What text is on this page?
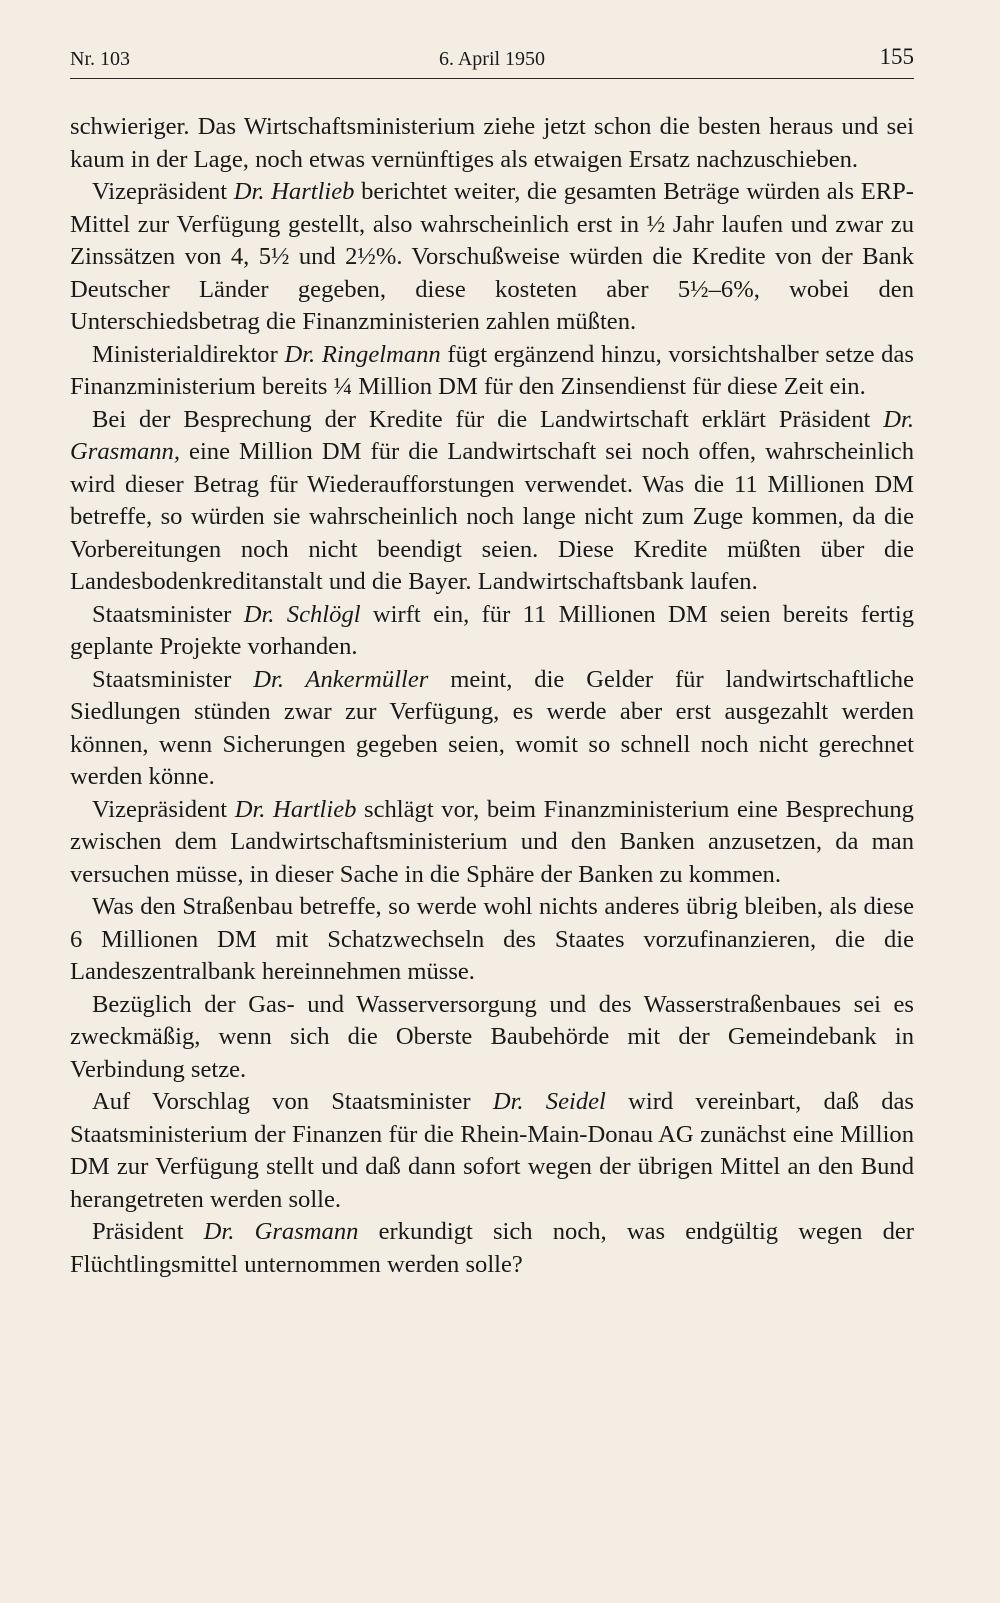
Nr. 103	6. April 1950	155

schwieriger. Das Wirtschaftsministerium ziehe jetzt schon die besten heraus und sei kaum in der Lage, noch etwas vernünftiges als etwaigen Ersatz nachzuschieben.

Vizepräsident Dr. Hartlieb berichtet weiter, die gesamten Beträge würden als ERP-Mittel zur Verfügung gestellt, also wahrscheinlich erst in ½ Jahr laufen und zwar zu Zinssätzen von 4, 5½ und 2½%. Vorschußweise würden die Kredite von der Bank Deutscher Länder gegeben, diese kosteten aber 5½–6%, wobei den Unterschiedsbetrag die Finanzministerien zahlen müßten.

Ministerialdirektor Dr. Ringelmann fügt ergänzend hinzu, vorsichtshalber setze das Finanzministerium bereits ¼ Million DM für den Zinsendienst für diese Zeit ein.

Bei der Besprechung der Kredite für die Landwirtschaft erklärt Präsident Dr. Grasmann, eine Million DM für die Landwirtschaft sei noch offen, wahrscheinlich wird dieser Betrag für Wiederaufforstungen verwendet. Was die 11 Millionen DM betreffe, so würden sie wahrscheinlich noch lange nicht zum Zuge kommen, da die Vorbereitungen noch nicht beendigt seien. Diese Kredite müßten über die Landesbodenkreditanstalt und die Bayer. Landwirtschaftsbank laufen.

Staatsminister Dr. Schlögl wirft ein, für 11 Millionen DM seien bereits fertig geplante Projekte vorhanden.

Staatsminister Dr. Ankermüller meint, die Gelder für landwirtschaftliche Siedlungen stünden zwar zur Verfügung, es werde aber erst ausgezahlt werden können, wenn Sicherungen gegeben seien, womit so schnell noch nicht gerechnet werden könne.

Vizepräsident Dr. Hartlieb schlägt vor, beim Finanzministerium eine Besprechung zwischen dem Landwirtschaftsministerium und den Banken anzusetzen, da man versuchen müsse, in dieser Sache in die Sphäre der Banken zu kommen.

Was den Straßenbau betreffe, so werde wohl nichts anderes übrig bleiben, als diese 6 Millionen DM mit Schatzwechseln des Staates vorzufinanzieren, die die Landeszentralbank hereinnehmen müsse.

Bezüglich der Gas- und Wasserversorgung und des Wasserstraßenbaues sei es zweckmäßig, wenn sich die Oberste Baubehörde mit der Gemeindebank in Verbindung setze.

Auf Vorschlag von Staatsminister Dr. Seidel wird vereinbart, daß das Staatsministerium der Finanzen für die Rhein-Main-Donau AG zunächst eine Million DM zur Verfügung stellt und daß dann sofort wegen der übrigen Mittel an den Bund herangetreten werden solle.

Präsident Dr. Grasmann erkundigt sich noch, was endgültig wegen der Flüchtlingsmittel unternommen werden solle?
